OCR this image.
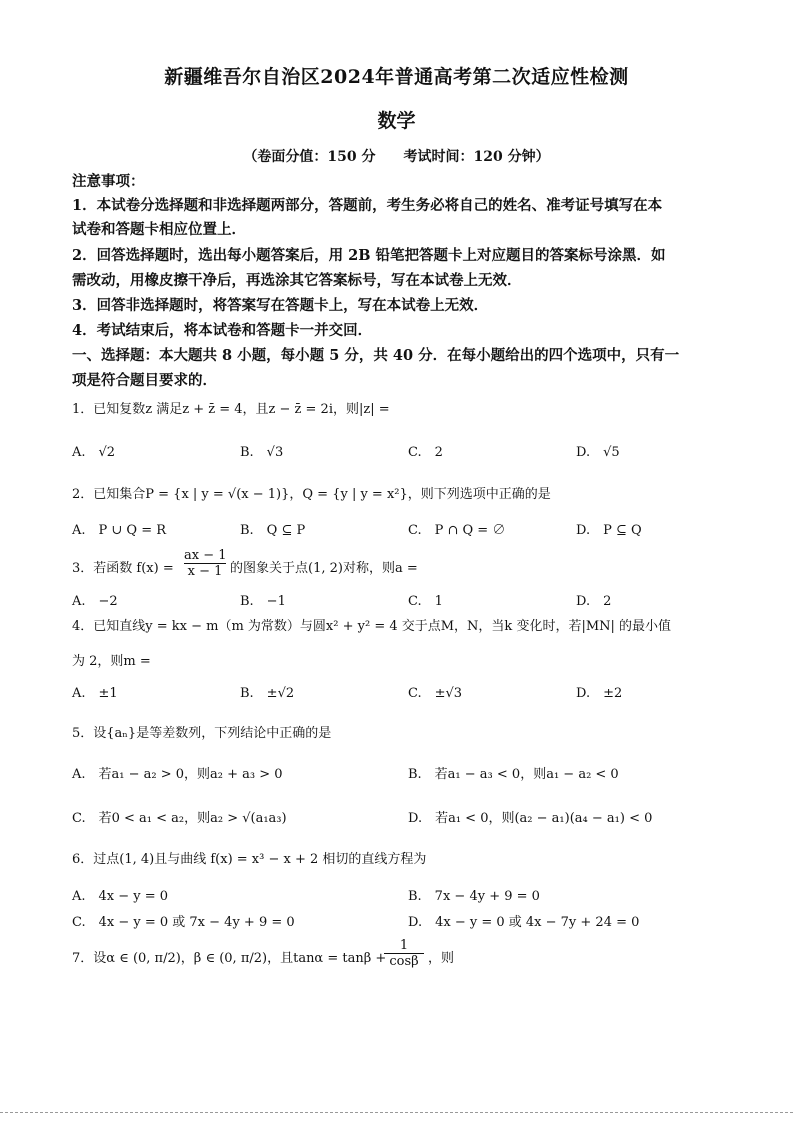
新疆维吾尔自治区2024年普通高考第二次适应性检测
数学
（卷面分值：150 分　　考试时间：120 分钟）
注意事项：
1．本试卷分选择题和非选择题两部分，答题前，考生务必将自己的姓名、准考证号填写在本
试卷和答题卡相应位置上．
2．回答选择题时，选出每小题答案后，用 2B 铅笔把答题卡上对应题目的答案标号涂黑．如
需改动，用橡皮擦干净后，再选涂其它答案标号，写在本试卷上无效．
3．回答非选择题时，将答案写在答题卡上，写在本试卷上无效．
4．考试结束后，将本试卷和答题卡一并交回．
一、选择题：本大题共 8 小题，每小题 5 分，共 40 分．在每小题给出的四个选项中，只有一
项是符合题目要求的．
1．已知复数z 满足z + z̄ = 4，且z − z̄ = 2i，则|z| =
A.　√2	B.　√3	C.　2	D.　√5
2．已知集合P = {x | y = √(x − 1)}，Q = {y | y = x²}，则下列选项中正确的是
A.　P ∪ Q = R	B.　Q ⊆ P	C.　P ∩ Q = ∅	D.　P ⊆ Q
3．若函数 $f(x) = \frac{ax - 1}{x - 1}$ 的图象关于点(1, 2)对称，则a =
A.　−2	B.　−1	C.　1	D.　2
4．已知直线y = kx − m（m 为常数）与圆x² + y² = 4 交于点M，N，当k 变化时，若|MN| 的最小值
为 2，则m =
A.　±1	B.　±√2	C.　±√3	D.　±2
5．设{aₙ}是等差数列，下列结论中正确的是
A.　若a₁ − a₂ > 0，则a₂ + a₃ > 0	B.　若a₁ − a₃ < 0，则a₁ − a₂ < 0
C.　若0 < a₁ < a₂，则a₂ > √(a₁a₃)	D.　若a₁ < 0，则(a₂ − a₁)(a₄ − a₁) < 0
6．过点(1, 4)且与曲线 f(x) = x³ − x + 2 相切的直线方程为
A.　4x − y = 0	B.　7x − 4y + 9 = 0
C.　4x − y = 0 或 7x − 4y + 9 = 0	D.　4x − y = 0 或 4x − 7y + 24 = 0
7．设α ∈ (0, π/2)，β ∈ (0, π/2)，且tanα = tanβ +
$\frac{1}{\cos\beta}$ ，则
